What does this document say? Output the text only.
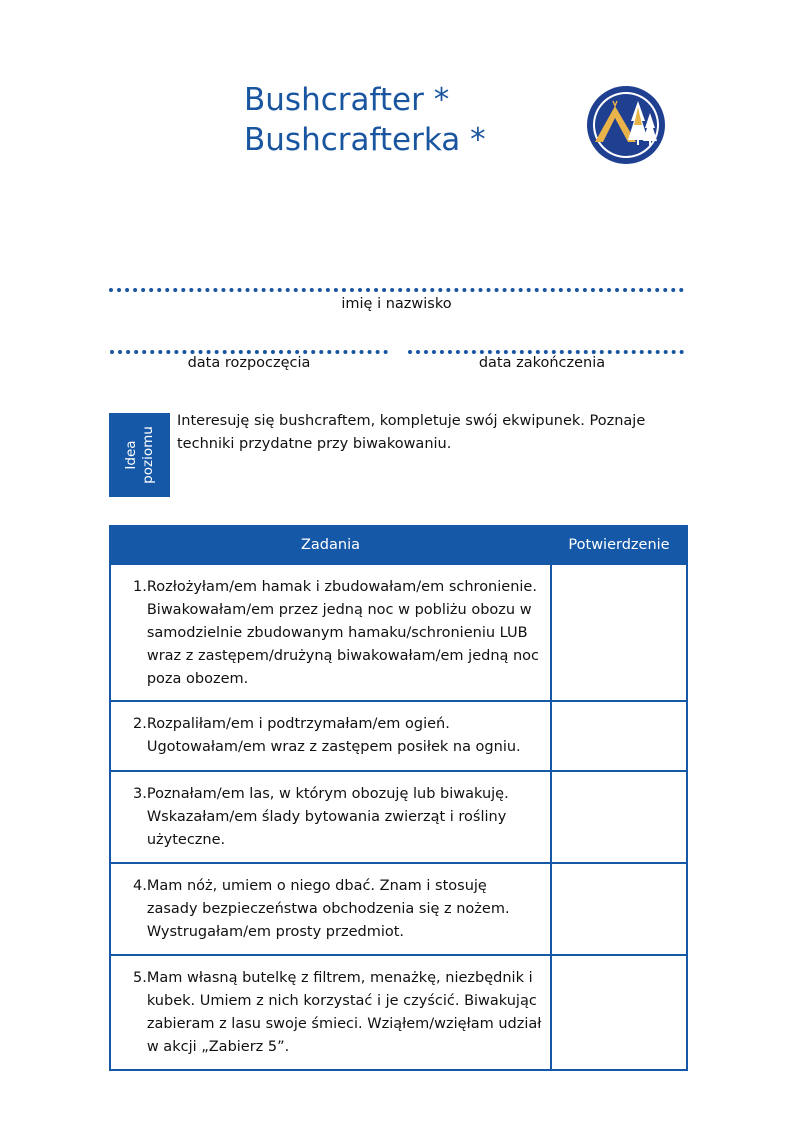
Bushcrafter *
Bushcrafterka *
imię i nazwisko
data rozpoczęcia	data zakończenia
Idea poziomu
Interesuję się bushcraftem, kompletuje swój ekwipunek. Poznaje techniki przydatne przy biwakowaniu.
Zadania	Potwierdzenie

1. Rozłożyłam/em hamak i zbudowałam/em schronienie. Biwakowałam/em przez jedną noc w pobliżu obozu w samodzielnie zbudowanym hamaku/schronieniu LUB wraz z zastępem/drużyną biwakowałam/em jedną noc poza obozem.	

2. Rozpaliłam/em i podtrzymałam/em ogień. Ugotowałam/em wraz z zastępem posiłek na ogniu.	

3. Poznałam/em las, w którym obozuję lub biwakuję. Wskazałam/em ślady bytowania zwierząt i rośliny użyteczne.	

4. Mam nóż, umiem o niego dbać. Znam i stosuję zasady bezpieczeństwa obchodzenia się z nożem. Wystrugałam/em prosty przedmiot.	

5. Mam własną butelkę z filtrem, menażkę, niezbędnik i kubek. Umiem z nich korzystać i je czyścić. Biwakując zabieram z lasu swoje śmieci. Wziąłem/wzięłam udział w akcji „Zabierz 5”.	
